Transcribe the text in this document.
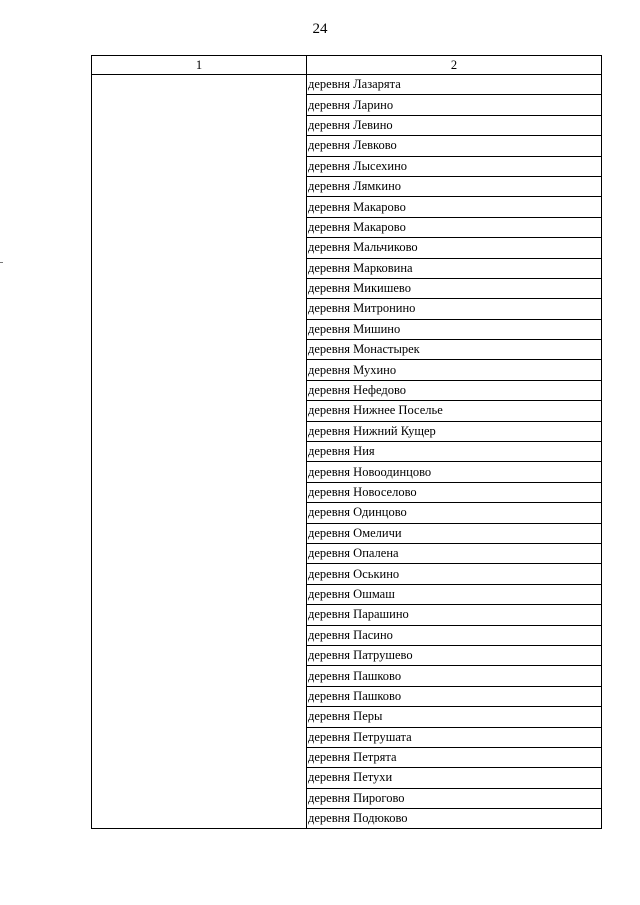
24
1	2
	деревня Лазарята
	деревня Ларино
	деревня Левино
	деревня Левково
	деревня Лысехино
	деревня Лямкино
	деревня Макарово
	деревня Макарово
	деревня Мальчиково
	деревня Марковина
	деревня Микишево
	деревня Митронино
	деревня Мишино
	деревня Монастырек
	деревня Мухино
	деревня Нефедово
	деревня Нижнее Поселье
	деревня Нижний Кущер
	деревня Ния
	деревня Новоодинцово
	деревня Новоселово
	деревня Одинцово
	деревня Омеличи
	деревня Опалена
	деревня Оськино
	деревня Ошмаш
	деревня Парашино
	деревня Пасино
	деревня Патрушево
	деревня Пашково
	деревня Пашково
	деревня Перы
	деревня Петрушата
	деревня Петрята
	деревня Петухи
	деревня Пирогово
	деревня Подюково
